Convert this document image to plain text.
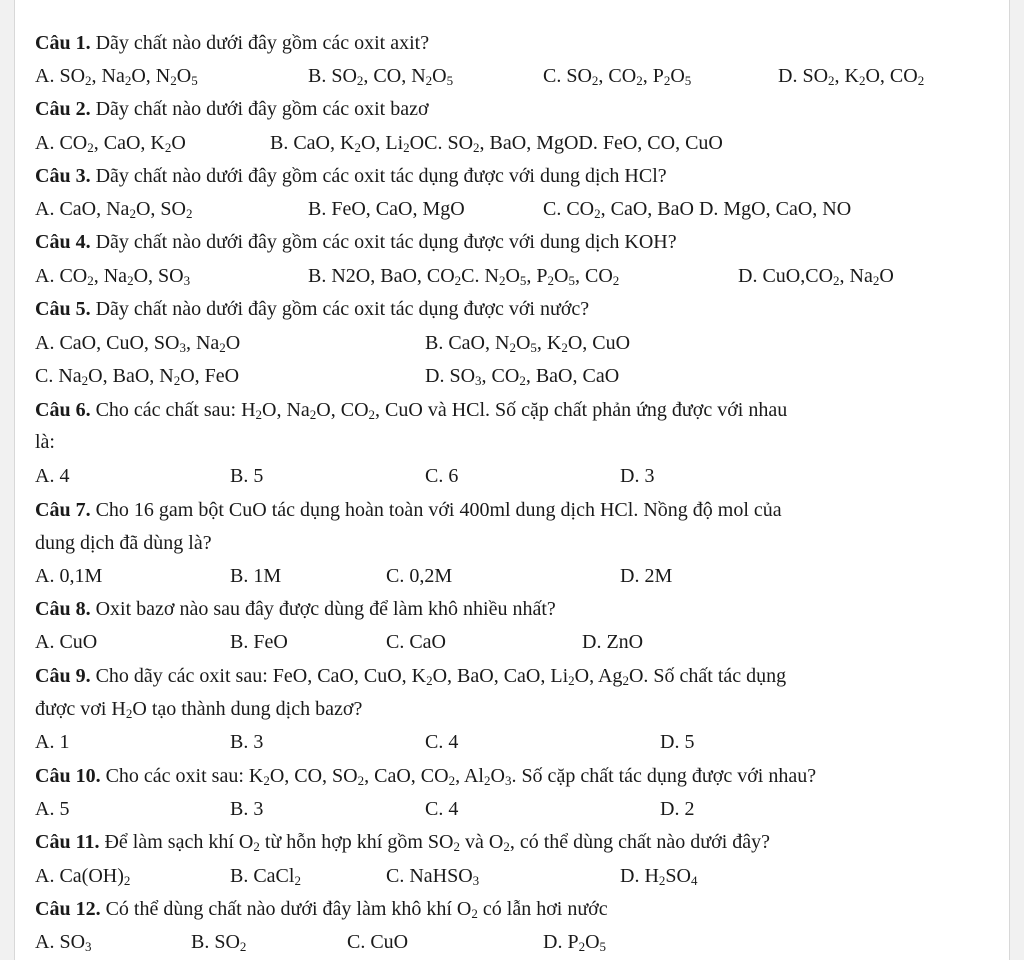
Câu 1. Dãy chất nào dưới đây gồm các oxit axit?
A. $SO_2$, $Na_2O$, $N_2O_5$	B. $SO_2$, CO, $N_2O_5$	C. $SO_2$, $CO_2$, $P_2O_5$	D. $SO_2$, $K_2O$, $CO_2$
Câu 2. Dãy chất nào dưới đây gồm các oxit bazơ
A. $CO_2$, CaO, $K_2O$	B. CaO, $K_2O$, $Li_2OC$. $SO_2$, BaO, MgOD. FeO, CO, CuO
Câu 3. Dãy chất nào dưới đây gồm các oxit tác dụng được với dung dịch HCl?
A. CaO, $Na_2O$, $SO_2$	B. FeO, CaO, MgO	C. $CO_2$, CaO, BaO D. MgO, CaO, NO
Câu 4. Dãy chất nào dưới đây gồm các oxit tác dụng được với dung dịch KOH?
A. $CO_2$, $Na_2O$, $SO_3$	B. N2O, BaO, $CO_2C$. $N_2O_5$, $P_2O_5$, $CO_2$	D. $CuO,CO_2$, $Na_2O$
Câu 5. Dãy chất nào dưới đây gồm các oxit tác dụng được với nước?
A. CaO, CuO, $SO_3$, $Na_2O$	B. CaO, $N_2O_5$, $K_2O$, CuO
C. $Na_2O$, BaO, $N_2O$, FeO	D. $SO_3$, $CO_2$, BaO, CaO
Câu 6. Cho các chất sau: $H_2O$, $Na_2O$, $CO_2$, CuO và HCl. Số cặp chất phản ứng được với nhau
là:
A. 4	B. 5	C. 6	D. 3
Câu 7. Cho 16 gam bột CuO tác dụng hoàn toàn với 400ml dung dịch HCl. Nồng độ mol của
dung dịch đã dùng là?
A. 0,1M	B. 1M	C. 0,2M	D. 2M
Câu 8. Oxit bazơ nào sau đây được dùng để làm khô nhiều nhất?
A. CuO	B. FeO	C. CaO	D. ZnO
Câu 9. Cho dãy các oxit sau: FeO, CaO, CuO, $K_2O$, BaO, CaO, $Li_2O$, $Ag_2O$. Số chất tác dụng
được vơi $H_2O$ tạo thành dung dịch bazơ?
A. 1	B. 3	C. 4	D. 5
Câu 10. Cho các oxit sau: $K_2O$, CO, $SO_2$, CaO, $CO_2$, $Al_2O_3$. Số cặp chất tác dụng được với nhau?
A. 5	B. 3	C. 4	D. 2
Câu 11. Để làm sạch khí $O_2$ từ hỗn hợp khí gồm $SO_2$ và $O_2$, có thể dùng chất nào dưới đây?
A. $Ca(OH)_2$	B. CaCl$_2$	C. NaHSO$_3$	D. $H_2SO_4$
Câu 12. Có thể dùng chất nào dưới đây làm khô khí $O_2$ có lẫn hơi nước
A. $SO_3$	B. $SO_2$	C. CuO	D. $P_2O_5$
